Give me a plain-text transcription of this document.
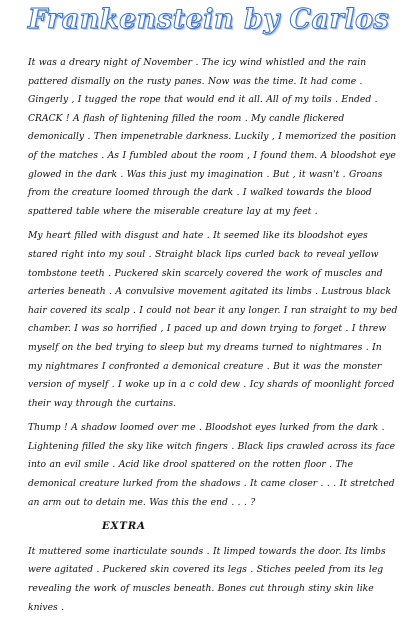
Frankenstein by Carlos

It was a dreary night of November . The icy wind whistled and the rain pattered dismally on the rusty panes. Now was the time. It had come . Gingerly , I tugged the rope that would end it all. All of my toils . Ended . CRACK ! A flash of lightening filled the room . My candle flickered demonically . Then impenetrable darkness. Luckily , I memorized the position of the matches . As I fumbled about the room , I found them. A bloodshot eye glowed in the dark . Was this just my imagination . But , it wasn't . Groans from the creature loomed through the dark . I walked towards the blood spattered table where the miserable creature lay at my feet .

My heart filled with disgust and hate . It seemed like its bloodshot eyes stared right into my soul . Straight black lips curled back to reveal yellow tombstone teeth . Puckered skin scarcely covered the work of muscles and arteries beneath . A convulsive movement agitated its limbs . Lustrous black hair covered its scalp . I could not bear it any longer. I ran straight to my bed chamber. I was so horrified , I paced up and down trying to forget . I threw myself on the bed trying to sleep but my dreams turned to nightmares . In my nightmares I confronted a demonical creature . But it was the monster version of myself . I woke up in a c cold dew . Icy shards of moonlight forced their way through the curtains.

Thump ! A shadow loomed over me . Bloodshot eyes lurked from the dark . Lightening filled the sky like witch fingers . Black lips crawled across its face into an evil smile . Acid like drool spattered on the rotten floor . The demonical creature lurked from the shadows . It came closer . . . It stretched an arm out to detain me. Was this the end . . . ?

EXTRA

It muttered some inarticulate sounds . It limped towards the door. Its limbs were agitated . Puckered skin covered its legs . Stiches peeled from its leg revealing the work of muscles beneath. Bones cut through stiny skin like knives .
